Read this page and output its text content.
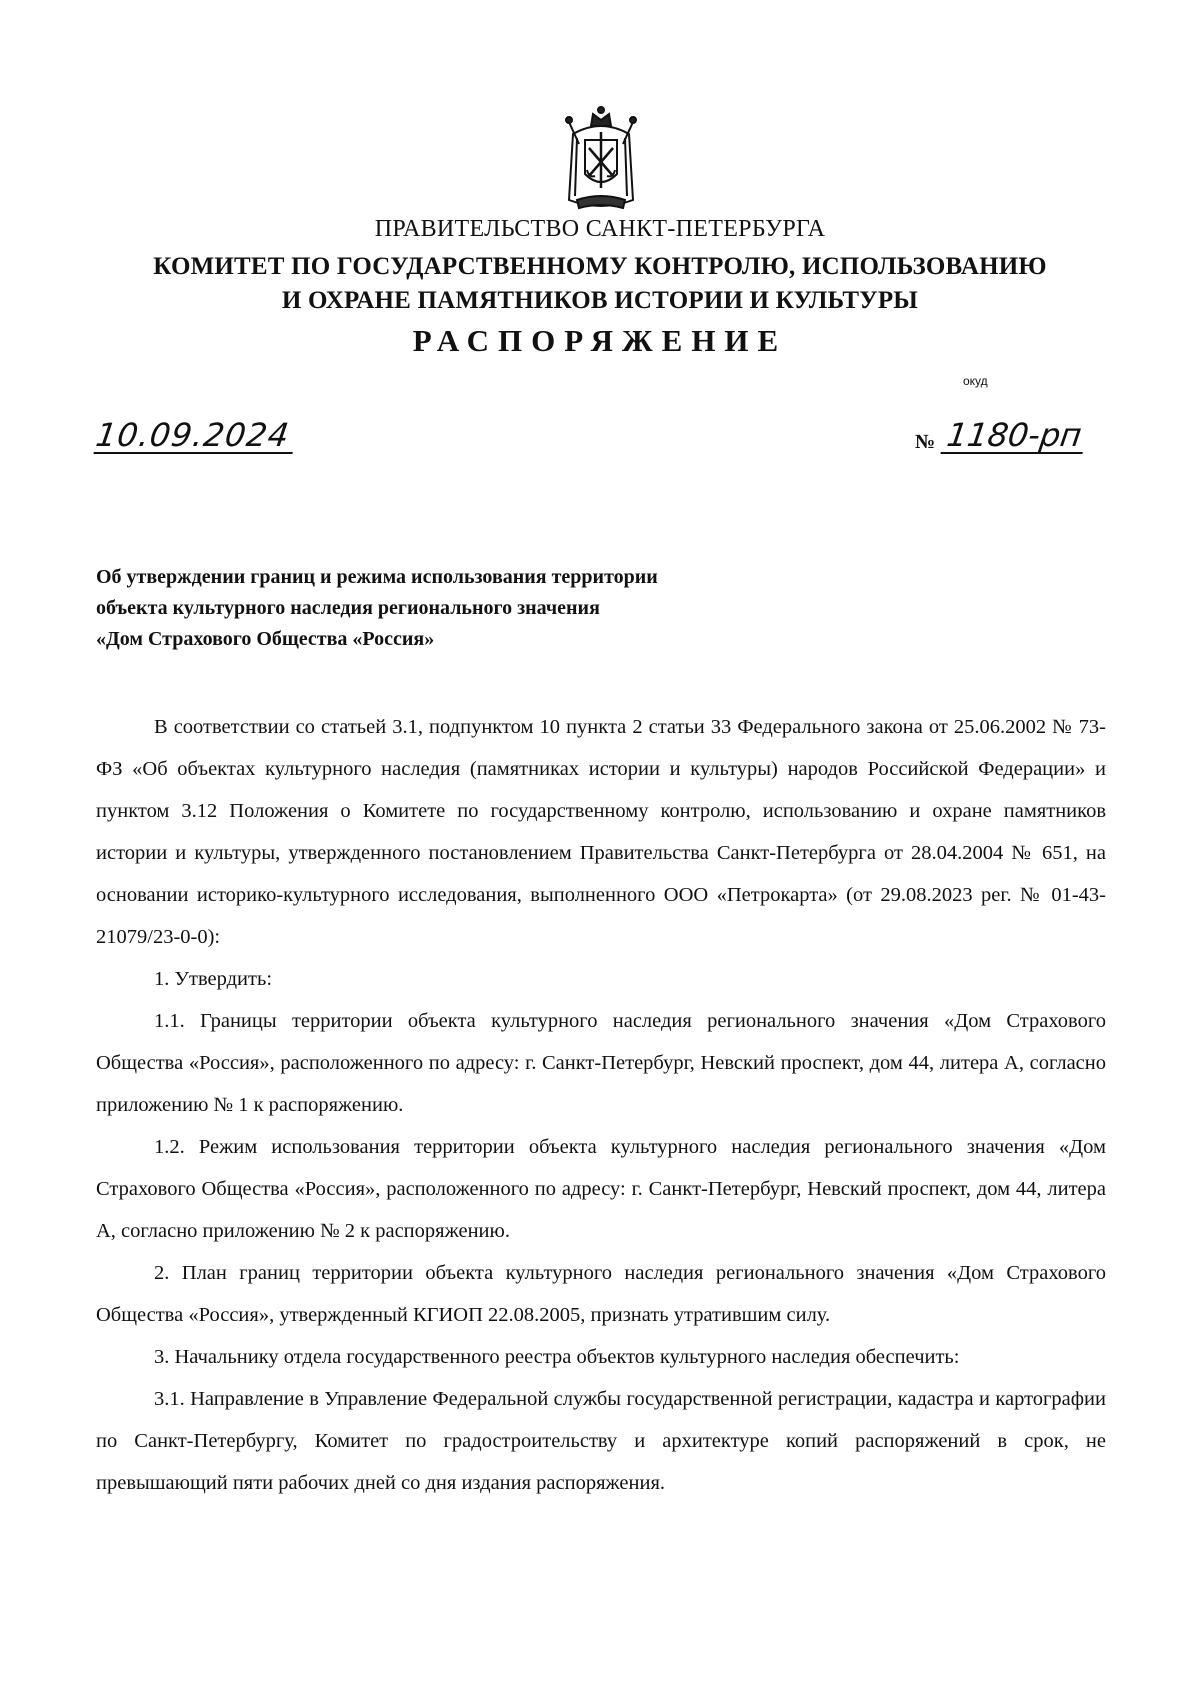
ПРАВИТЕЛЬСТВО САНКТ-ПЕТЕРБУРГА
КОМИТЕТ ПО ГОСУДАРСТВЕННОМУ КОНТРОЛЮ, ИСПОЛЬЗОВАНИЮ
И ОХРАНЕ ПАМЯТНИКОВ ИСТОРИИ И КУЛЬТУРЫ
РАСПОРЯЖЕНИЕ
окуд
10.09.2024	№ 1180-рп
Об утверждении границ и режима использования территории
объекта культурного наследия регионального значения
«Дом Страхового Общества «Россия»

В соответствии со статьей 3.1, подпунктом 10 пункта 2 статьи 33 Федерального закона от 25.06.2002 № 73-ФЗ «Об объектах культурного наследия (памятниках истории и культуры) народов Российской Федерации» и пунктом 3.12 Положения о Комитете по государственному контролю, использованию и охране памятников истории и культуры, утвержденного постановлением Правительства Санкт-Петербурга от 28.04.2004 № 651, на основании историко-культурного исследования, выполненного ООО «Петрокарта» (от 29.08.2023 рег. № 01-43-21079/23-0-0):

1. Утвердить:

1.1. Границы территории объекта культурного наследия регионального значения «Дом Страхового Общества «Россия», расположенного по адресу: г. Санкт-Петербург, Невский проспект, дом 44, литера А, согласно приложению № 1 к распоряжению.

1.2. Режим использования территории объекта культурного наследия регионального значения «Дом Страхового Общества «Россия», расположенного по адресу: г. Санкт-Петербург, Невский проспект, дом 44, литера А, согласно приложению № 2 к распоряжению.

2. План границ территории объекта культурного наследия регионального значения «Дом Страхового Общества «Россия», утвержденный КГИОП 22.08.2005, признать утратившим силу.

3. Начальнику отдела государственного реестра объектов культурного наследия обеспечить:

3.1. Направление в Управление Федеральной службы государственной регистрации, кадастра и картографии по Санкт-Петербургу, Комитет по градостроительству и архитектуре копий распоряжений в срок, не превышающий пяти рабочих дней со дня издания распоряжения.
